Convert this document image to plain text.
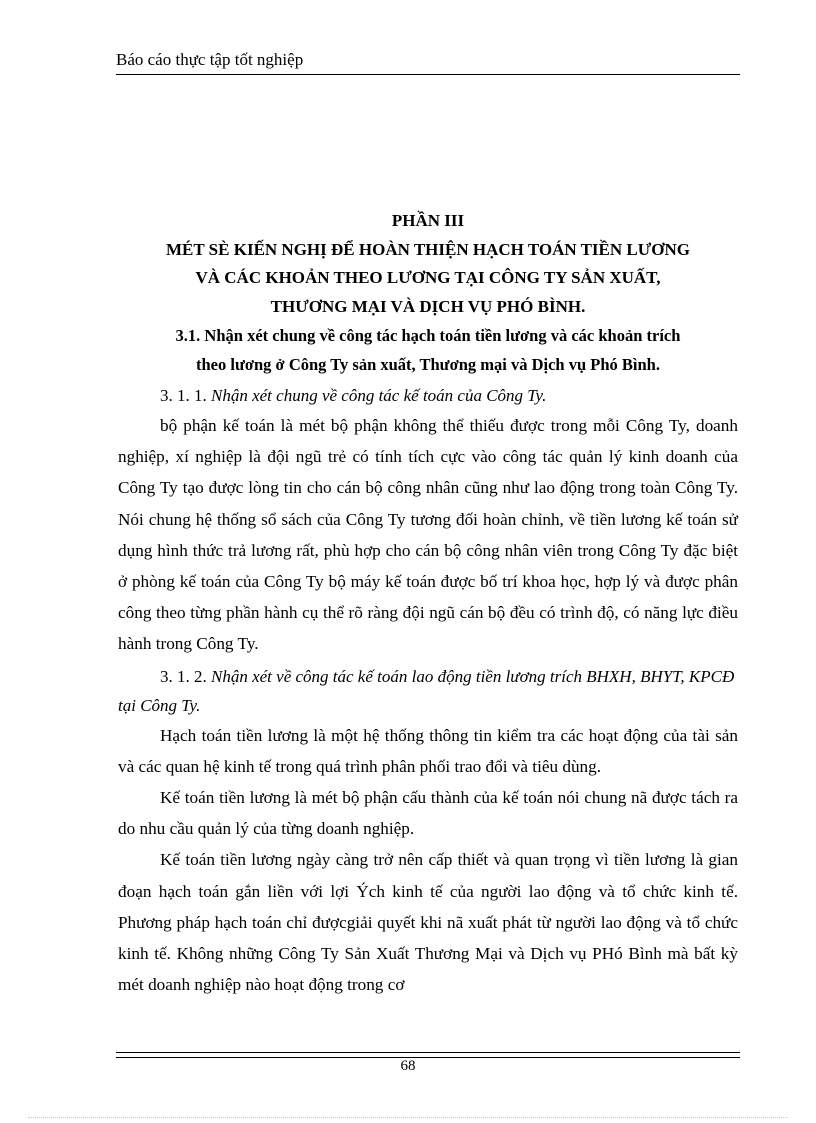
Báo cáo thực tập tốt nghiệp

PHẦN III

MÉT SÈ KIẾN NGHỊ ĐỂ HOÀN THIỆN HẠCH TOÁN TIỀN LƯƠNG

VÀ CÁC KHOẢN THEO LƯƠNG TẠI CÔNG TY SẢN XUẤT,

THƯƠNG MẠI VÀ DỊCH VỤ PHÓ BÌNH.

3.1. Nhận xét chung về công tác hạch toán tiền lương và các khoản trích

theo lương ở Công Ty sản xuất, Thương mại và Dịch vụ Phó Bình.

3. 1. 1. Nhận xét chung về công tác kế toán của Công Ty.

bộ phận kế toán là mét bộ phận không thể thiếu được trong mỗi Công Ty, doanh nghiệp, xí nghiệp là đội ngũ trẻ có tính tích cực vào công tác quản lý kinh doanh của Công Ty tạo được lòng tin cho cán bộ công nhân cũng như lao động trong toàn Công Ty. Nói chung hệ thống sổ sách của Công Ty tương đối hoàn chỉnh, về tiền lương kế toán sử dụng hình thức trả lương rất, phù hợp cho cán bộ công nhân viên trong Công Ty đặc biệt ở phòng kế toán của Công Ty bộ máy kế toán được bố trí khoa học, hợp lý và được phân công theo từng phần hành cụ thể rõ ràng đội ngũ cán bộ đều có trình độ, có năng lực điều hành trong Công Ty.

3. 1. 2. Nhận xét về công tác kế toán lao động tiền lương trích BHXH, BHYT, KPCĐ tại Công Ty.

Hạch toán tiền lương là một hệ thống thông tin kiểm tra các hoạt động của tài sản và các quan hệ kinh tế trong quá trình phân phối trao đổi và tiêu dùng.

Kế toán tiền lương là mét bộ phận cấu thành của kế toán nói chung nã được tách ra do nhu cầu quản lý của từng doanh nghiệp.

Kế toán tiền lương ngày càng trở nên cấp thiết và quan trọng vì tiền lương là gian đoạn hạch toán gắn liền với lợi Ých kinh tế của người lao động và tổ chức kinh tế. Phương pháp hạch toán chỉ đượcgiải quyết khi nã xuất phát từ người lao động và tổ chức kinh tế. Không những Công Ty Sản Xuất Thương Mại và Dịch vụ PHó Bình mà bất kỳ mét doanh nghiệp nào hoạt động trong cơ

68
